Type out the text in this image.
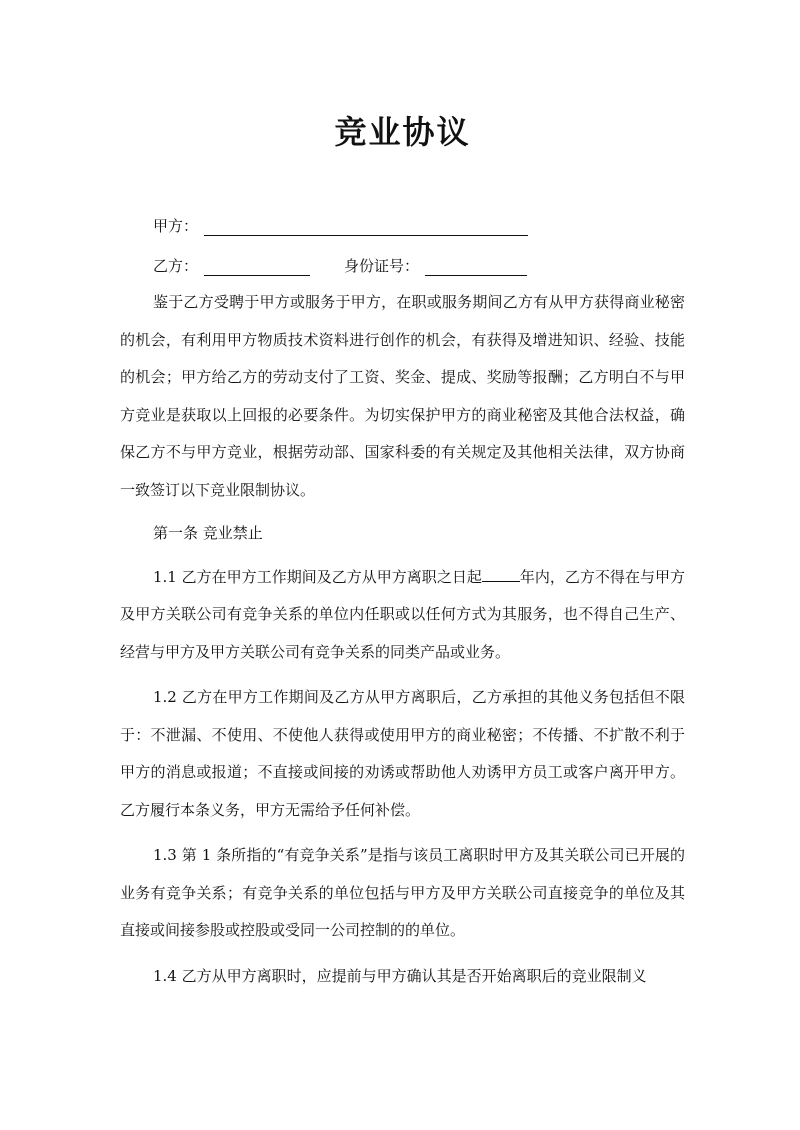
竞业协议
甲方：
乙方：	身份证号：

鉴于乙方受聘于甲方或服务于甲方，在职或服务期间乙方有从甲方获得商业秘密的机会，有利用甲方物质技术资料进行创作的机会，有获得及增进知识、经验、技能的机会；甲方给乙方的劳动支付了工资、奖金、提成、奖励等报酬；乙方明白不与甲方竞业是获取以上回报的必要条件。为切实保护甲方的商业秘密及其他合法权益，确保乙方不与甲方竞业，根据劳动部、国家科委的有关规定及其他相关法律，双方协商一致签订以下竞业限制协议。

第一条 竞业禁止

1.1 乙方在甲方工作期间及乙方从甲方离职之日起	年内，乙方不得在与甲方及甲方关联公司有竞争关系的单位内任职或以任何方式为其服务，也不得自己生产、经营与甲方及甲方关联公司有竞争关系的同类产品或业务。

1.2 乙方在甲方工作期间及乙方从甲方离职后，乙方承担的其他义务包括但不限于：不泄漏、不使用、不使他人获得或使用甲方的商业秘密；不传播、不扩散不利于甲方的消息或报道；不直接或间接的劝诱或帮助他人劝诱甲方员工或客户离开甲方。乙方履行本条义务，甲方无需给予任何补偿。

1.3 第 1 条所指的“有竞争关系”是指与该员工离职时甲方及其关联公司已开展的业务有竞争关系；有竞争关系的单位包括与甲方及甲方关联公司直接竞争的单位及其直接或间接参股或控股或受同一公司控制的的单位。

1.4 乙方从甲方离职时，应提前与甲方确认其是否开始离职后的竞业限制义
